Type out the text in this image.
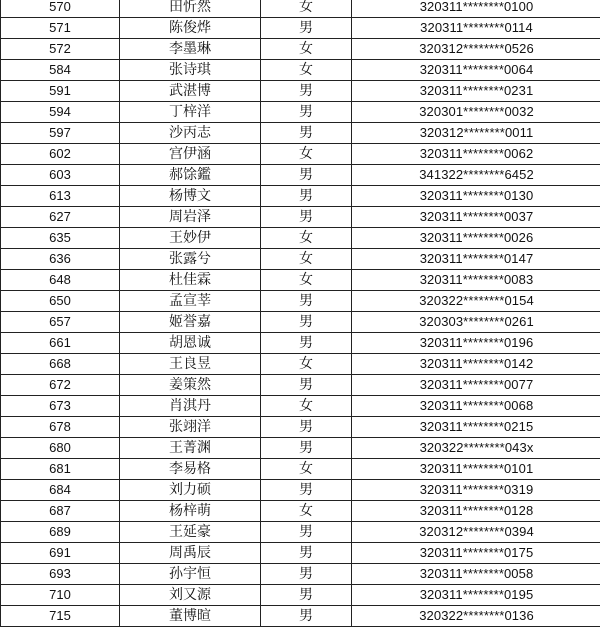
570	田忻然	女	320311********0100
571	陈俊烨	男	320311********0114
572	李墨琳	女	320312********0526
584	张诗琪	女	320311********0064
591	武湛博	男	320311********0231
594	丁梓洋	男	320301********0032
597	沙丙志	男	320312********0011
602	宫伊涵	女	320311********0062
603	郝馀鑑	男	341322********6452
613	杨博文	男	320311********0130
627	周岩泽	男	320311********0037
635	王妙伊	女	320311********0026
636	张露兮	女	320311********0147
648	杜佳霖	女	320311********0083
650	孟宣莘	男	320322********0154
657	姬誉嘉	男	320303********0261
661	胡恩诚	男	320311********0196
668	王良昱	女	320311********0142
672	姜策然	男	320311********0077
673	肖淇丹	女	320311********0068
678	张翊洋	男	320311********0215
680	王菁渊	男	320322********043x
681	李易格	女	320311********0101
684	刘力硕	男	320311********0319
687	杨梓萌	女	320311********0128
689	王延豪	男	320312********0394
691	周禹辰	男	320311********0175
693	孙宇恒	男	320311********0058
710	刘又源	男	320311********0195
715	董博暄	男	320322********0136
